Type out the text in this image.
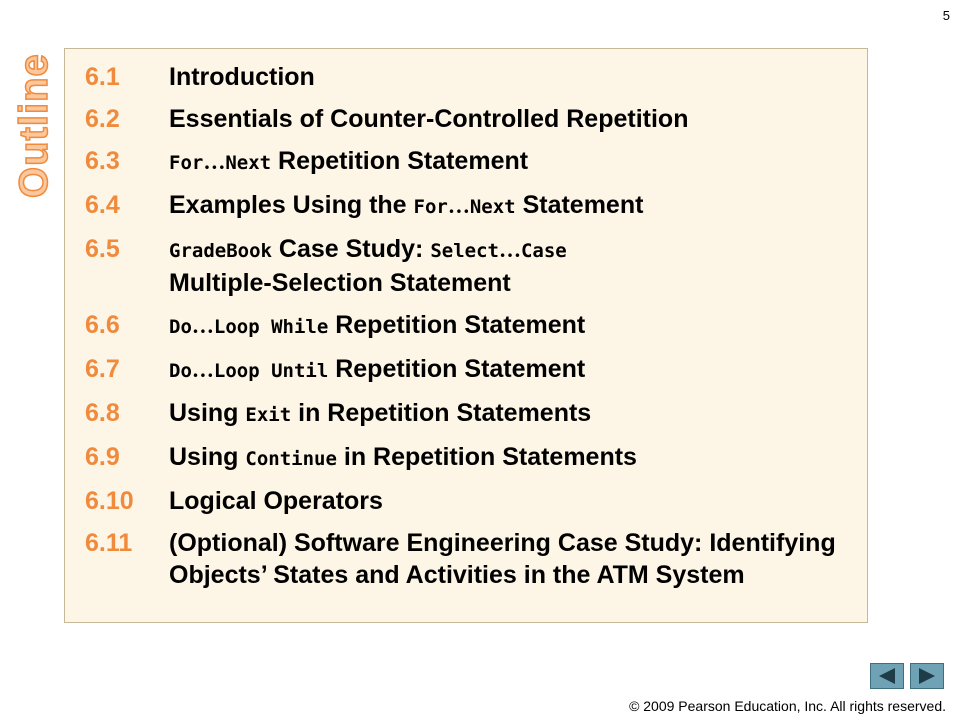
5
Outline 6.1	Introduction
6.2	Essentials of Counter-Controlled Repetition
6.3	For…Next Repetition Statement
6.4	Examples Using the For…Next Statement
6.5	GradeBook Case Study: Select…Case
Multiple-Selection Statement
6.6	Do…Loop While Repetition Statement
6.7	Do…Loop Until Repetition Statement
6.8	Using Exit in Repetition Statements
6.9	Using Continue in Repetition Statements
6.10	Logical Operators
6.11	(Optional) Software Engineering Case Study: Identifying Objects’ States and Activities in the ATM System
© 2009 Pearson Education, Inc. All rights reserved.
